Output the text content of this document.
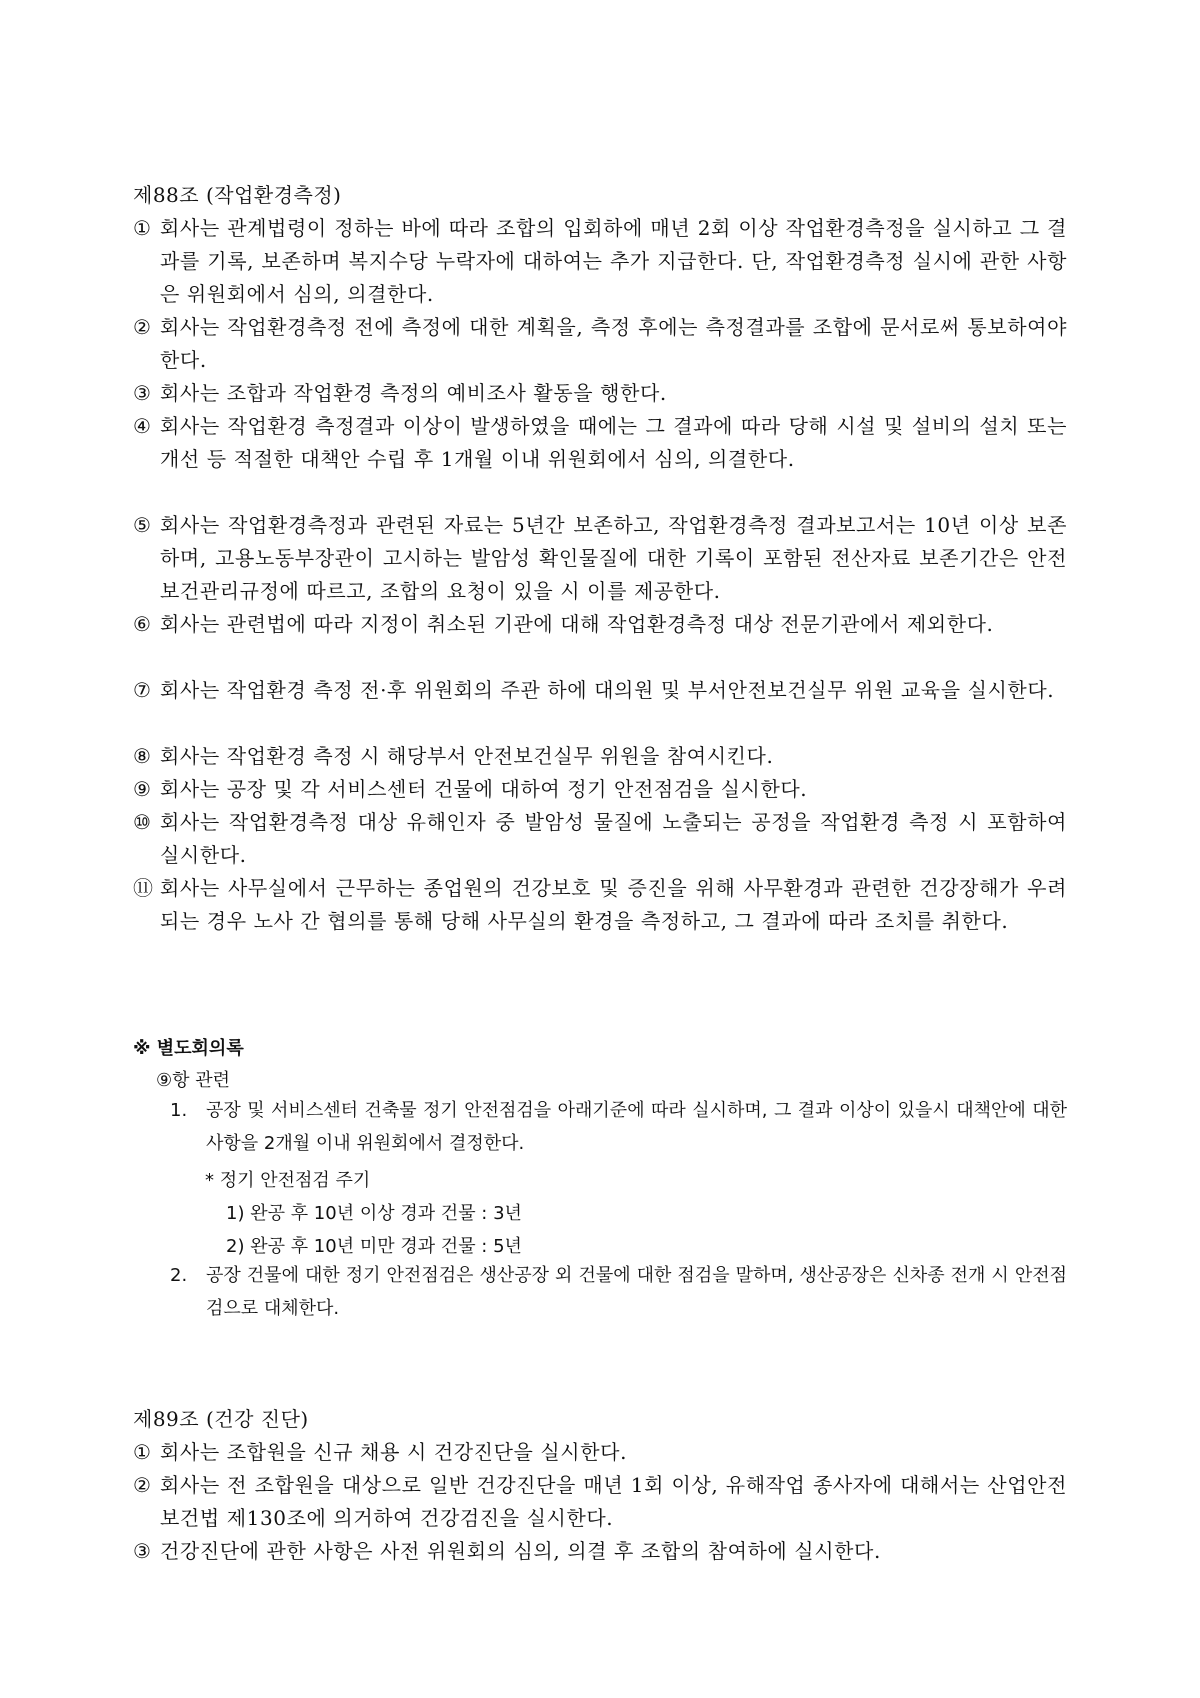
제88조 (작업환경측정)
① 회사는 관계법령이 정하는 바에 따라 조합의 입회하에 매년 2회 이상 작업환경측정을 실시하고 그 결과를 기록, 보존하며 복지수당 누락자에 대하여는 추가 지급한다. 단, 작업환경측정 실시에 관한 사항은 위원회에서 심의, 의결한다.
② 회사는 작업환경측정 전에 측정에 대한 계획을, 측정 후에는 측정결과를 조합에 문서로써 통보하여야 한다.
③ 회사는 조합과 작업환경 측정의 예비조사 활동을 행한다.
④ 회사는 작업환경 측정결과 이상이 발생하였을 때에는 그 결과에 따라 당해 시설 및 설비의 설치 또는 개선 등 적절한 대책안 수립 후 1개월 이내 위원회에서 심의, 의결한다.
⑤ 회사는 작업환경측정과 관련된 자료는 5년간 보존하고, 작업환경측정 결과보고서는 10년 이상 보존하며, 고용노동부장관이 고시하는 발암성 확인물질에 대한 기록이 포함된 전산자료 보존기간은 안전보건관리규정에 따르고, 조합의 요청이 있을 시 이를 제공한다.
⑥ 회사는 관련법에 따라 지정이 취소된 기관에 대해 작업환경측정 대상 전문기관에서 제외한다.
⑦ 회사는 작업환경 측정 전·후 위원회의 주관 하에 대의원 및 부서안전보건실무 위원 교육을 실시한다.
⑧ 회사는 작업환경 측정 시 해당부서 안전보건실무 위원을 참여시킨다.
⑨ 회사는 공장 및 각 서비스센터 건물에 대하여 정기 안전점검을 실시한다.
⑩ 회사는 작업환경측정 대상 유해인자 중 발암성 물질에 노출되는 공정을 작업환경 측정 시 포함하여 실시한다.
⑪ 회사는 사무실에서 근무하는 종업원의 건강보호 및 증진을 위해 사무환경과 관련한 건강장해가 우려되는 경우 노사 간 협의를 통해 당해 사무실의 환경을 측정하고, 그 결과에 따라 조치를 취한다.
※ 별도회의록
⑨항 관련
1. 공장 및 서비스센터 건축물 정기 안전점검을 아래기준에 따라 실시하며, 그 결과 이상이 있을시 대책안에 대한 사항을 2개월 이내 위원회에서 결정한다.
* 정기 안전점검 주기
1) 완공 후 10년 이상 경과 건물 : 3년
2) 완공 후 10년 미만 경과 건물 : 5년
2. 공장 건물에 대한 정기 안전점검은 생산공장 외 건물에 대한 점검을 말하며, 생산공장은 신차종 전개 시 안전점검으로 대체한다.
제89조 (건강 진단)
① 회사는 조합원을 신규 채용 시 건강진단을 실시한다.
② 회사는 전 조합원을 대상으로 일반 건강진단을 매년 1회 이상, 유해작업 종사자에 대해서는 산업안전보건법 제130조에 의거하여 건강검진을 실시한다.
③ 건강진단에 관한 사항은 사전 위원회의 심의, 의결 후 조합의 참여하에 실시한다.
